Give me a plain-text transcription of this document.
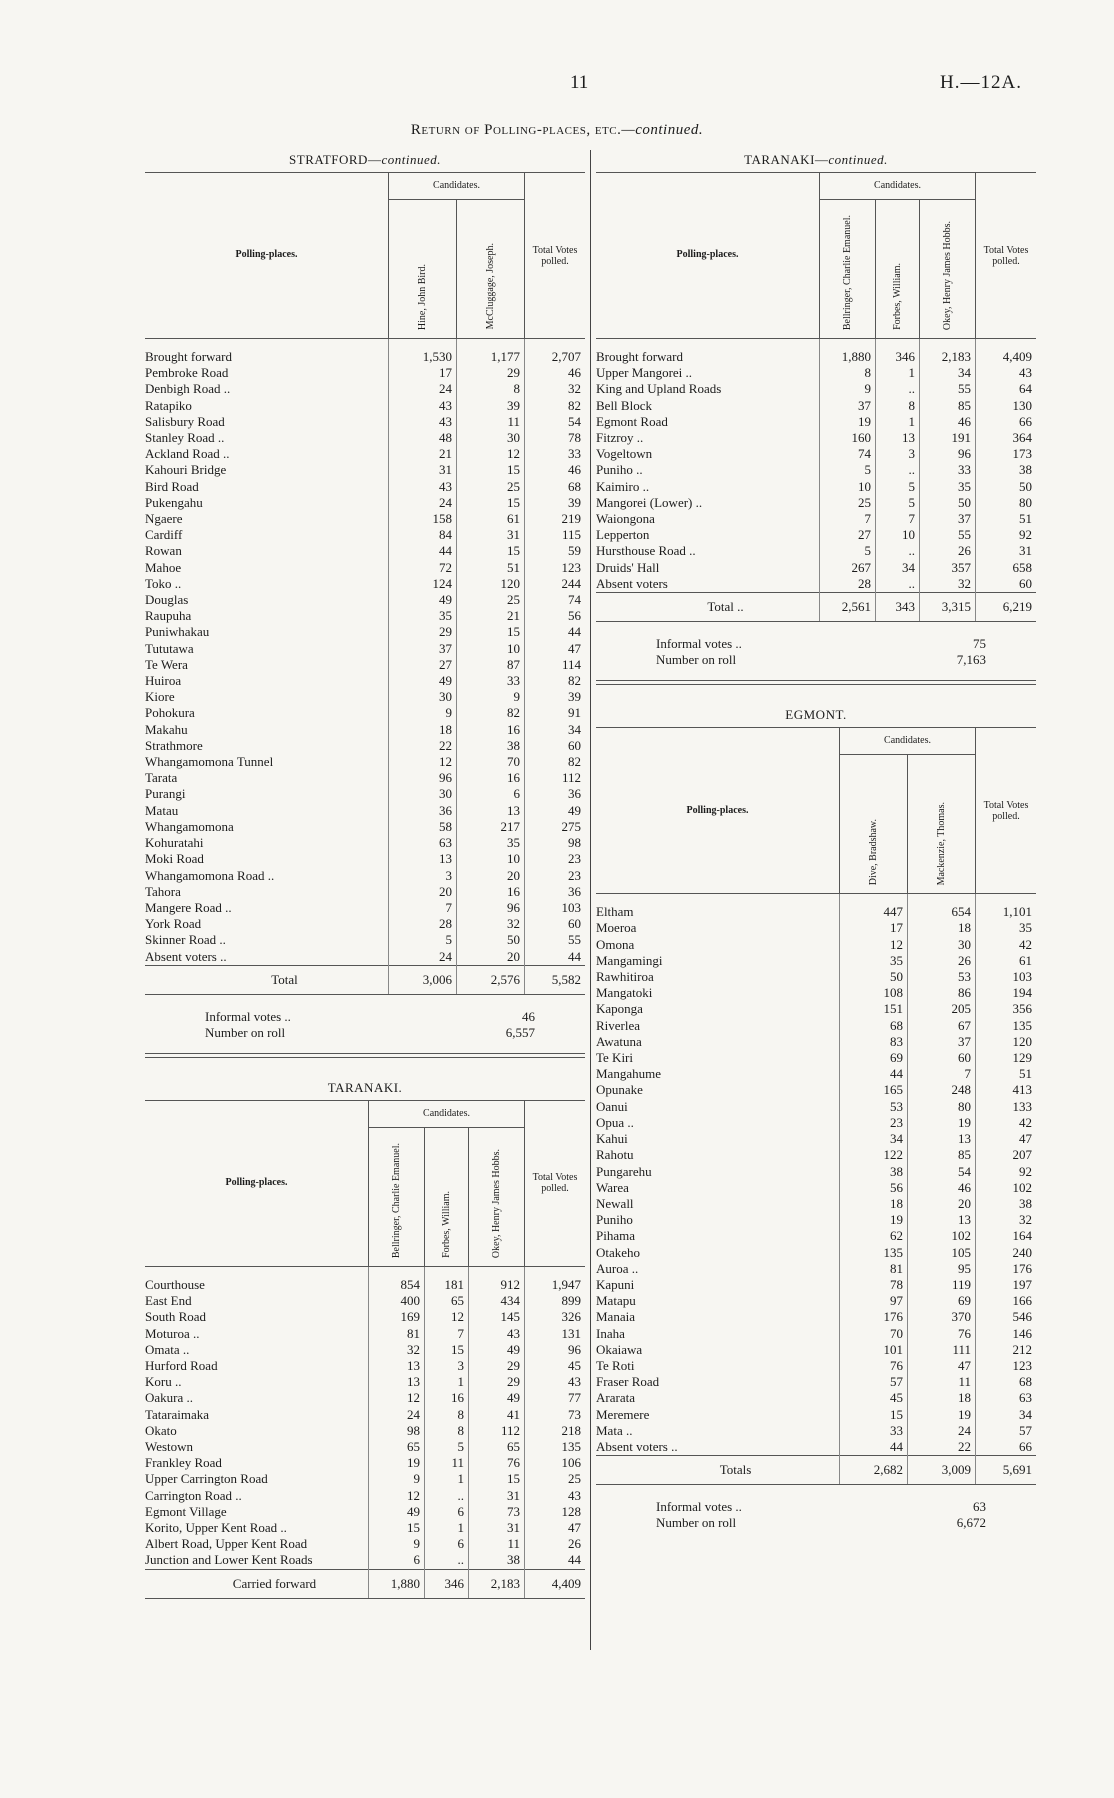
11	H.—12A.
Return of Polling-places, etc.—continued.
STRATFORD—continued.
Polling-places.	Candidates.		Total Votes polled.
	Hine, John Bird.	McCluggage, Joseph.	
Brought forward	1,530	1,177	2,707
Pembroke Road	17	29	46
Denbigh Road ..	24	8	32
Ratapiko	43	39	82
Salisbury Road	43	11	54
Stanley Road ..	48	30	78
Ackland Road ..	21	12	33
Kahouri Bridge	31	15	46
Bird Road	43	25	68
Pukengahu	24	15	39
Ngaere	158	61	219
Cardiff	84	31	115
Rowan	44	15	59
Mahoe	72	51	123
Toko ..	124	120	244
Douglas	49	25	74
Raupuha	35	21	56
Puniwhakau	29	15	44
Tututawa	37	10	47
Te Wera	27	87	114
Huiroa	49	33	82
Kiore	30	9	39
Pohokura	9	82	91
Makahu	18	16	34
Strathmore	22	38	60
Whangamomona Tunnel	12	70	82
Tarata	96	16	112
Purangi	30	6	36
Matau	36	13	49
Whangamomona	58	217	275
Kohuratahi	63	35	98
Moki Road	13	10	23
Whangamomona Road ..	3	20	23
Tahora	20	16	36
Mangere Road ..	7	96	103
York Road	28	32	60
Skinner Road ..	5	50	55
Absent voters ..	24	20	44
Total	3,006	2,576	5,582
Informal votes ..	46
Number on roll	6,557
TARANAKI.
Polling-places.	Candidates.			Total Votes polled.
	Bellringer, Charlie Emanuel.	Forbes, William.	Okey, Henry James Hobbs.	
Courthouse	854	181	912	1,947
East End	400	65	434	899
South Road	169	12	145	326
Moturoa ..	81	7	43	131
Omata ..	32	15	49	96
Hurford Road	13	3	29	45
Koru ..	13	1	29	43
Oakura ..	12	16	49	77
Tataraimaka	24	8	41	73
Okato	98	8	112	218
Westown	65	5	65	135
Frankley Road	19	11	76	106
Upper Carrington Road	9	1	15	25
Carrington Road ..	12	..	31	43
Egmont Village	49	6	73	128
Korito, Upper Kent Road ..	15	1	31	47
Albert Road, Upper Kent Road	9	6	11	26
Junction and Lower Kent Roads	6	..	38	44
Carried forward	1,880	346	2,183	4,409
TARANAKI—continued.
Polling-places.	Candidates.			Total Votes polled.
	Bellringer, Charlie Emanuel.	Forbes, William.	Okey, Henry James Hobbs.	
Brought forward	1,880	346	2,183	4,409
Upper Mangorei ..	8	1	34	43
King and Upland Roads	9	..	55	64
Bell Block	37	8	85	130
Egmont Road	19	1	46	66
Fitzroy ..	160	13	191	364
Vogeltown	74	3	96	173
Puniho ..	5	..	33	38
Kaimiro ..	10	5	35	50
Mangorei (Lower) ..	25	5	50	80
Waiongona	7	7	37	51
Lepperton	27	10	55	92
Hursthouse Road ..	5	..	26	31
Druids' Hall	267	34	357	658
Absent voters	28	..	32	60
Total ..	2,561	343	3,315	6,219
Informal votes ..	75
Number on roll	7,163
EGMONT.
Polling-places.	Candidates.		Total Votes polled.
	Dive, Bradshaw.	Mackenzie, Thomas.	
Eltham	447	654	1,101
Moeroa	17	18	35
Omona	12	30	42
Mangamingi	35	26	61
Rawhitiroa	50	53	103
Mangatoki	108	86	194
Kaponga	151	205	356
Riverlea	68	67	135
Awatuna	83	37	120
Te Kiri	69	60	129
Mangahume	44	7	51
Opunake	165	248	413
Oanui	53	80	133
Opua ..	23	19	42
Kahui	34	13	47
Rahotu	122	85	207
Pungarehu	38	54	92
Warea	56	46	102
Newall	18	20	38
Puniho	19	13	32
Pihama	62	102	164
Otakeho	135	105	240
Auroa ..	81	95	176
Kapuni	78	119	197
Matapu	97	69	166
Manaia	176	370	546
Inaha	70	76	146
Okaiawa	101	111	212
Te Roti	76	47	123
Fraser Road	57	11	68
Ararata	45	18	63
Meremere	15	19	34
Mata ..	33	24	57
Absent voters ..	44	22	66
Totals	2,682	3,009	5,691
Informal votes ..	63
Number on roll	6,672
